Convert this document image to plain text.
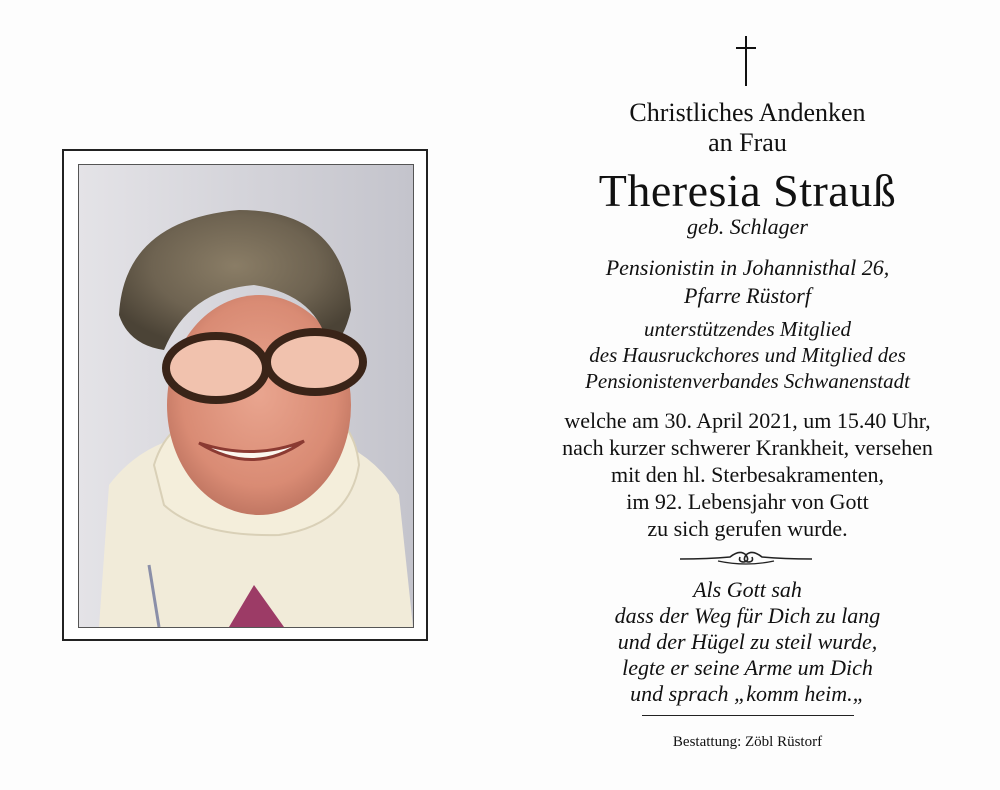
Christliches Andenken
an Frau
Theresia Strauß
geb. Schlager
Pensionistin in Johannisthal 26,
Pfarre Rüstorf
unterstützendes Mitglied
des Hausruckchores und Mitglied des
Pensionistenverbandes Schwanenstadt
welche am 30. April 2021, um 15.40 Uhr,
nach kurzer schwerer Krankheit, versehen
mit den hl. Sterbesakramenten,
im 92. Lebensjahr von Gott
zu sich gerufen wurde.
Als Gott sah
dass der Weg für Dich zu lang
und der Hügel zu steil wurde,
legte er seine Arme um Dich
und sprach „komm heim.„
Bestattung: Zöbl Rüstorf
